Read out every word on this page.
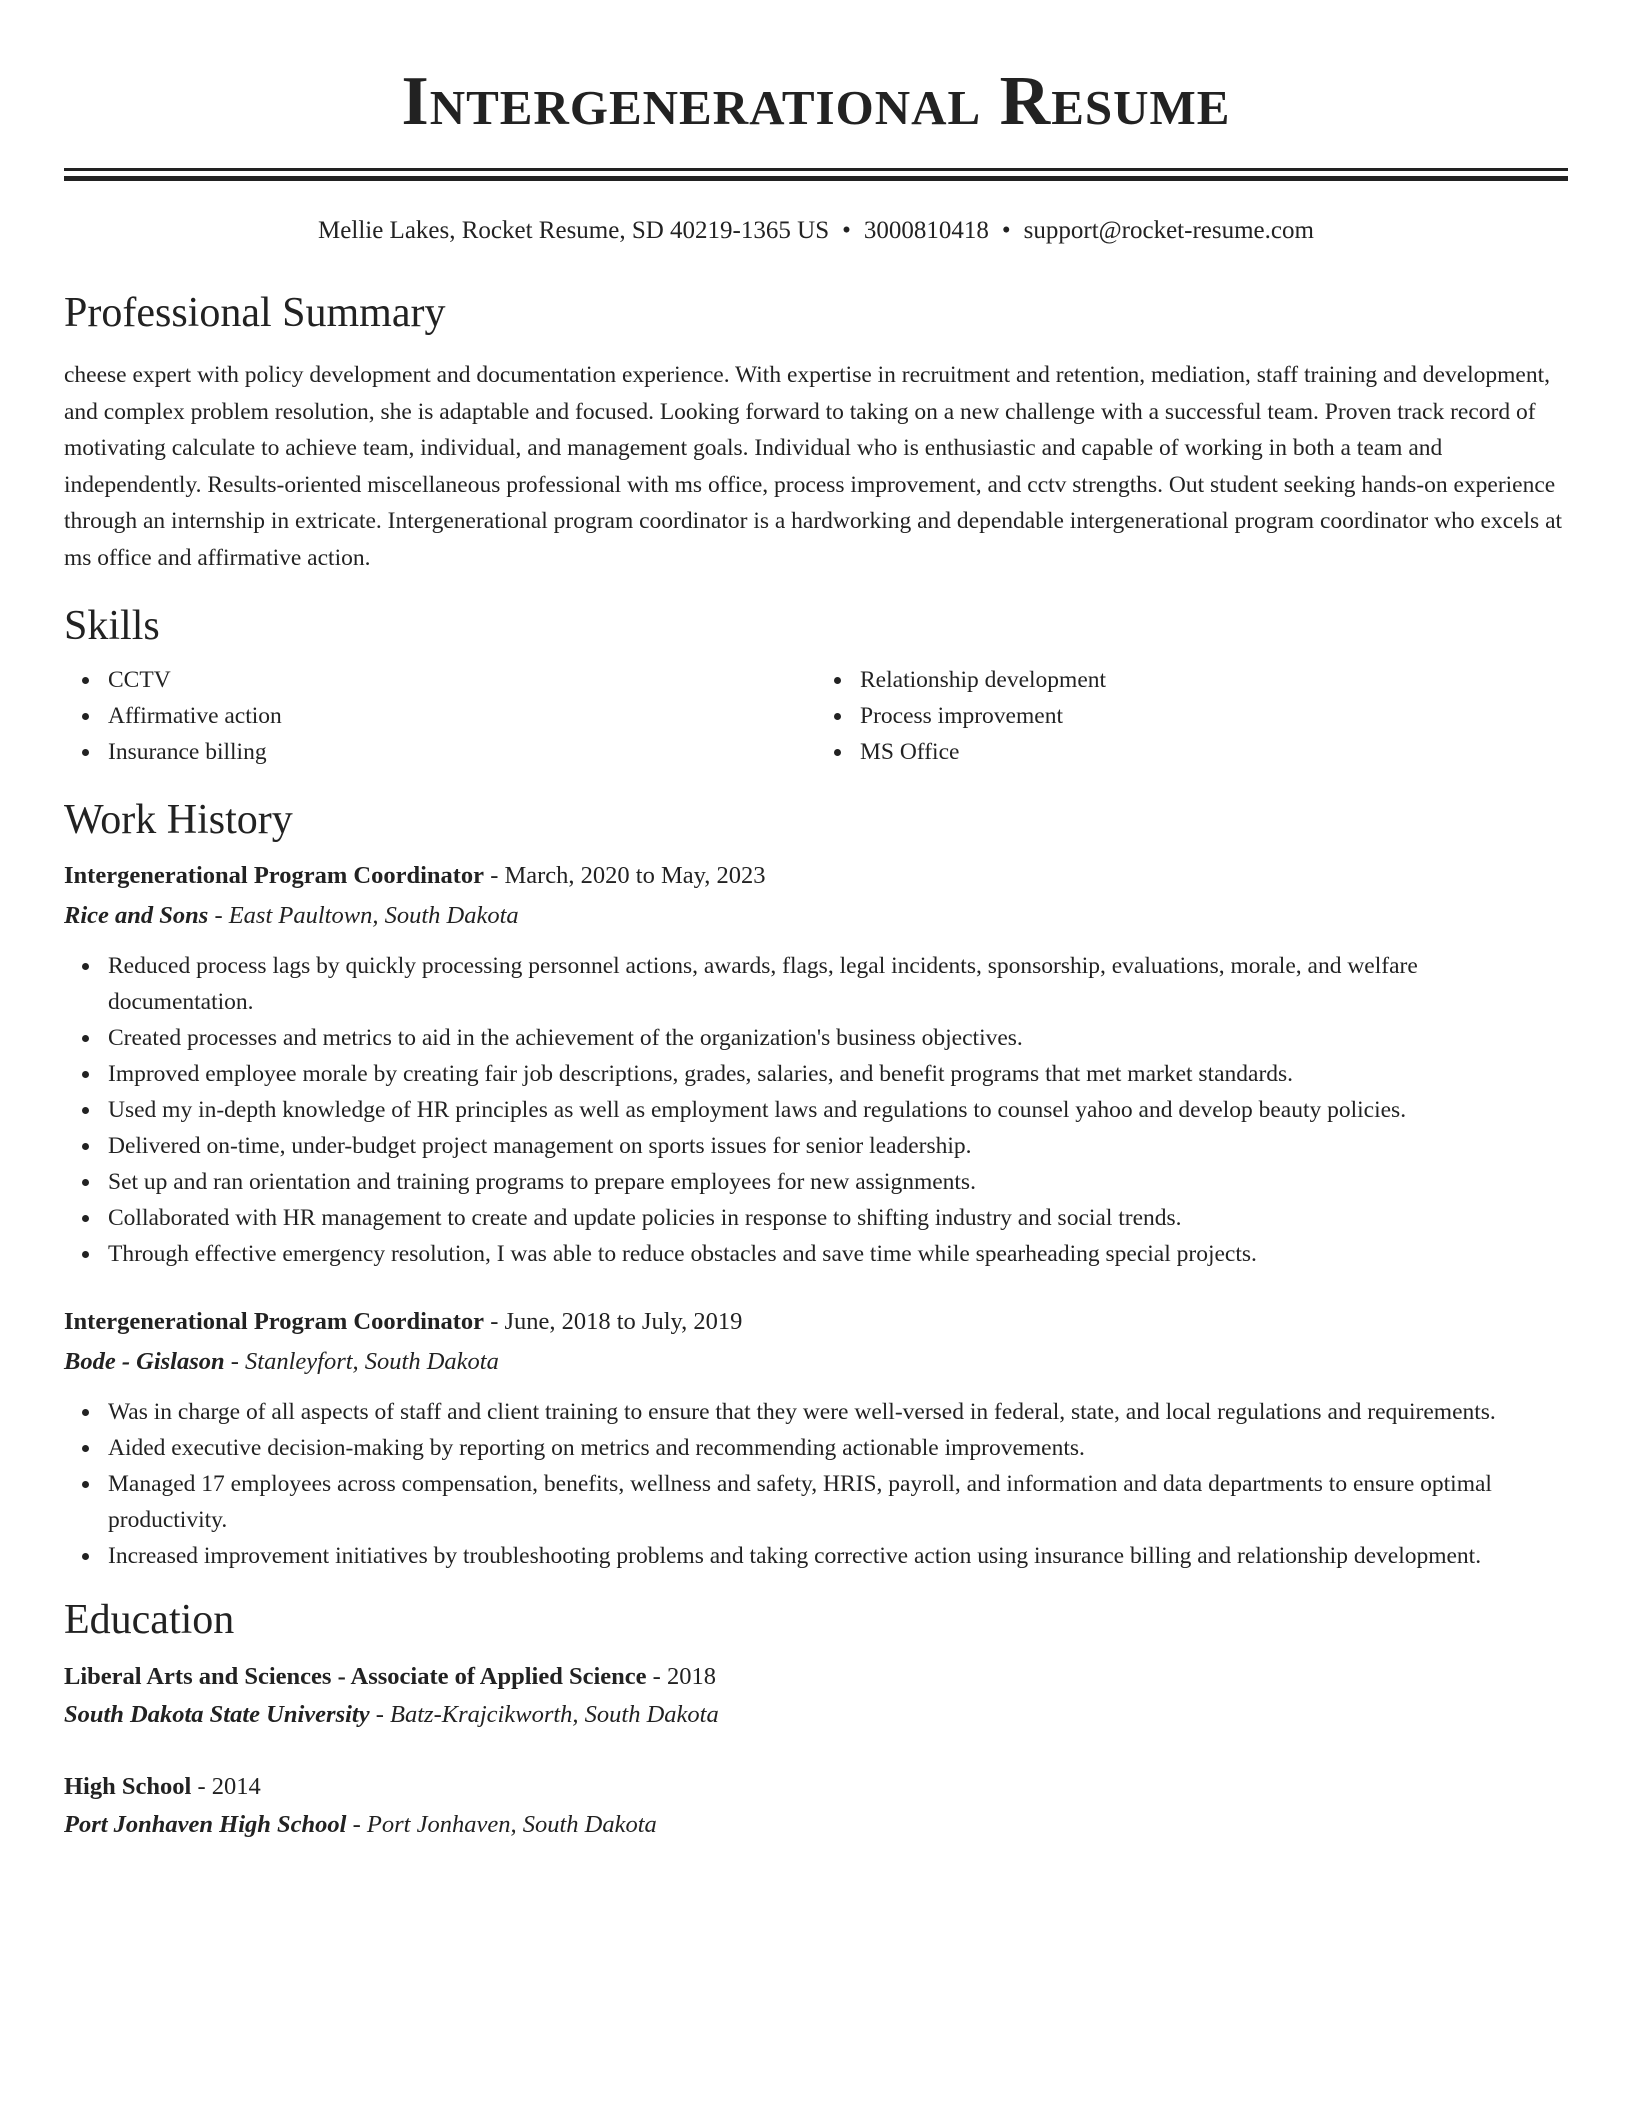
Intergenerational Resume
Mellie Lakes, Rocket Resume, SD 40219-1365 US • 3000810418 • support@rocket-resume.com
Professional Summary

cheese expert with policy development and documentation experience. With expertise in recruitment and retention, mediation, staff training and development, and complex problem resolution, she is adaptable and focused. Looking forward to taking on a new challenge with a successful team. Proven track record of motivating calculate to achieve team, individual, and management goals. Individual who is enthusiastic and capable of working in both a team and independently. Results-oriented miscellaneous professional with ms office, process improvement, and cctv strengths. Out student seeking hands-on experience through an internship in extricate. Intergenerational program coordinator is a hardworking and dependable intergenerational program coordinator who excels at ms office and affirmative action.

Skills
CCTV
Affirmative action
Insurance billing
Relationship development
Process improvement
MS Office
Work History
Intergenerational Program Coordinator - March, 2020 to May, 2023
Rice and Sons - East Paultown, South Dakota
Reduced process lags by quickly processing personnel actions, awards, flags, legal incidents, sponsorship, evaluations, morale, and welfare documentation.
Created processes and metrics to aid in the achievement of the organization's business objectives.
Improved employee morale by creating fair job descriptions, grades, salaries, and benefit programs that met market standards.
Used my in-depth knowledge of HR principles as well as employment laws and regulations to counsel yahoo and develop beauty policies.
Delivered on-time, under-budget project management on sports issues for senior leadership.
Set up and ran orientation and training programs to prepare employees for new assignments.
Collaborated with HR management to create and update policies in response to shifting industry and social trends.
Through effective emergency resolution, I was able to reduce obstacles and save time while spearheading special projects.
Intergenerational Program Coordinator - June, 2018 to July, 2019
Bode - Gislason - Stanleyfort, South Dakota
Was in charge of all aspects of staff and client training to ensure that they were well-versed in federal, state, and local regulations and requirements.
Aided executive decision-making by reporting on metrics and recommending actionable improvements.
Managed 17 employees across compensation, benefits, wellness and safety, HRIS, payroll, and information and data departments to ensure optimal productivity.
Increased improvement initiatives by troubleshooting problems and taking corrective action using insurance billing and relationship development.
Education
Liberal Arts and Sciences - Associate of Applied Science - 2018
South Dakota State University - Batz-Krajcikworth, South Dakota
High School - 2014
Port Jonhaven High School - Port Jonhaven, South Dakota
